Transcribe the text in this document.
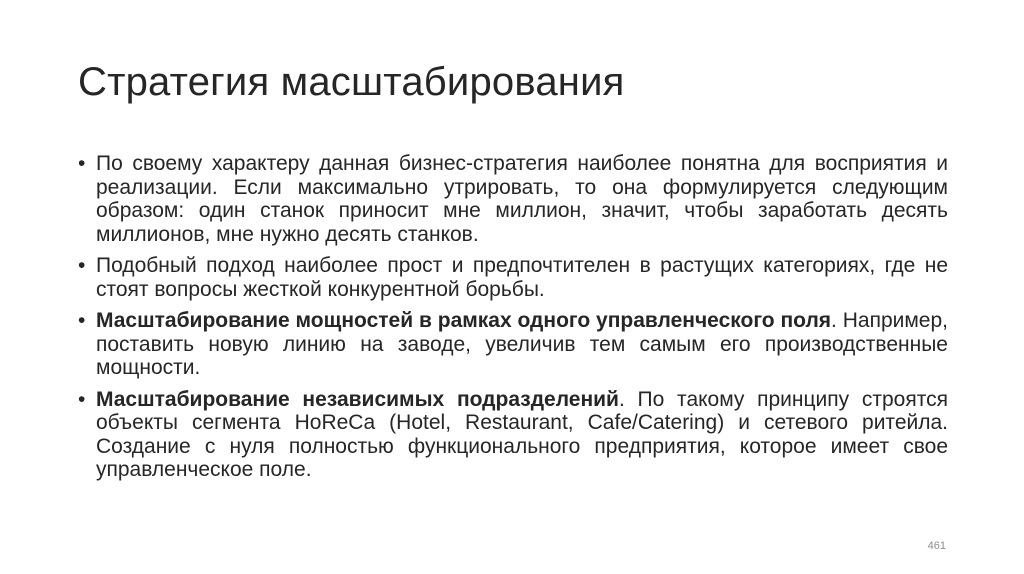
Стратегия масштабирования
• По своему характеру данная бизнес-стратегия наиболее понятна для восприятия и реализации. Если максимально утрировать, то она формулируется следующим образом: один станок приносит мне миллион, значит, чтобы заработать десять миллионов, мне нужно десять станков.
• Подобный подход наиболее прост и предпочтителен в растущих категориях, где не стоят вопросы жесткой конкурентной борьбы.
• Масштабирование мощностей в рамках одного управленческого поля. Например, поставить новую линию на заводе, увеличив тем самым его производственные мощности.
• Масштабирование независимых подразделений. По такому принципу строятся объекты сегмента HoReCa (Hotel, Restaurant, Cafe/Catering) и сетевого ритейла. Создание с нуля полностью функционального предприятия, которое имеет свое управленческое поле.
461
